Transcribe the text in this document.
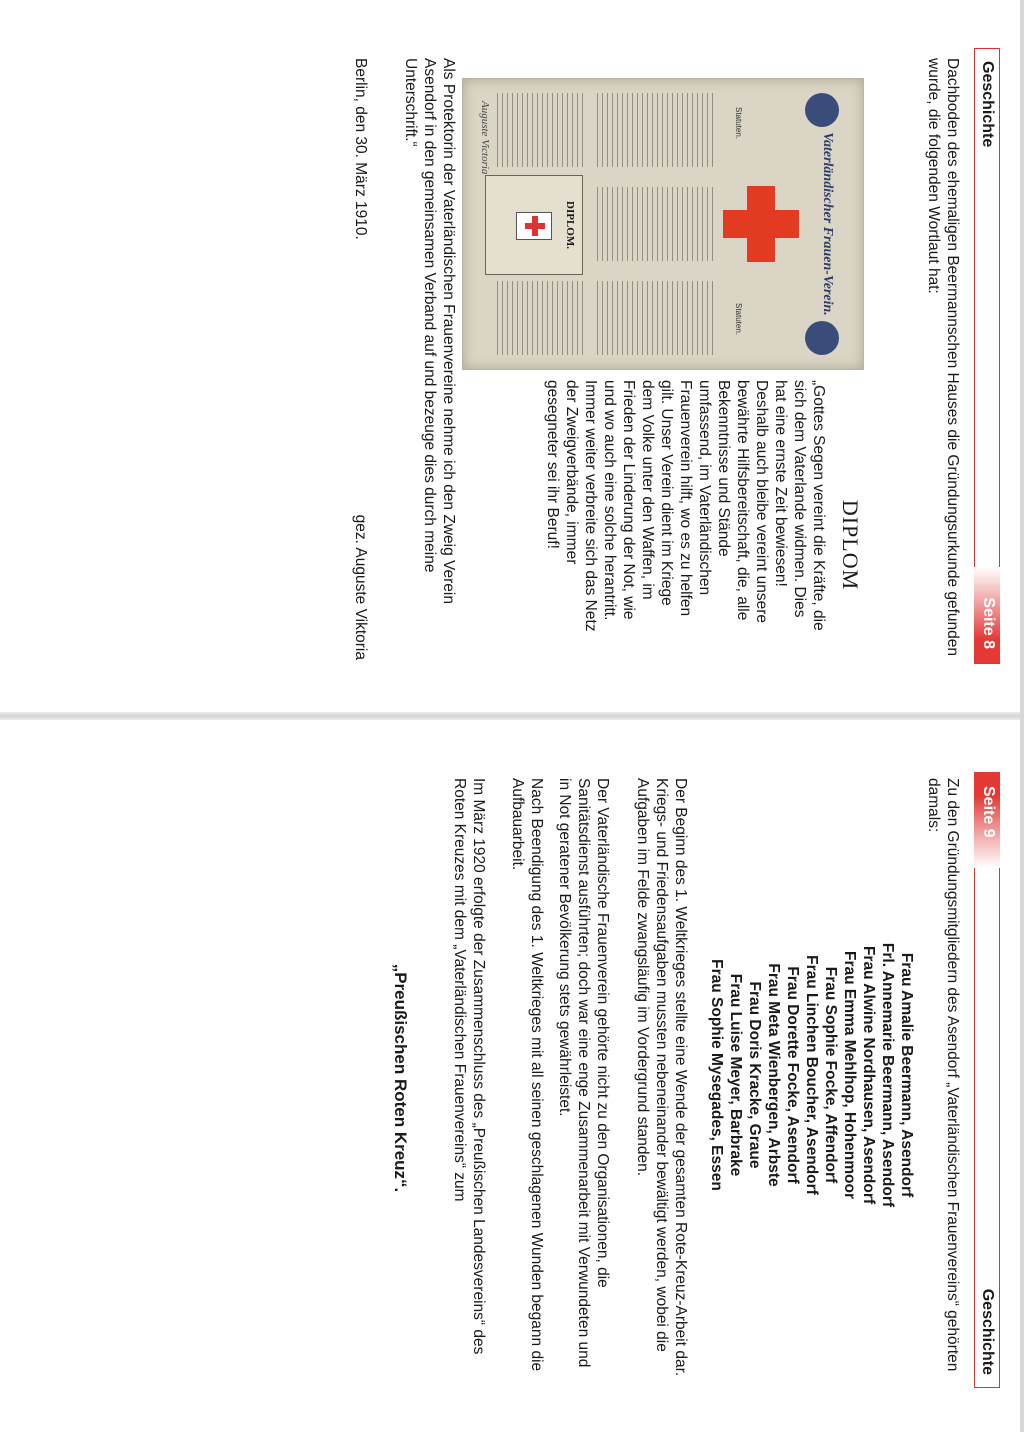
Geschichte
Seite 8
Dachboden des ehemaligen Beermannschen Hauses die Gründungsurkunde gefunden wurde, die folgenden Wortlaut hat:
Vaterländischer Frauen-Verein.
Statuten.
Statuten.
DIPLOM.
Auguste Victoria
DIPLOM
„Gottes Segen vereint die Kräfte, die sich dem Vaterlande widmen. Dies hat eine ernste Zeit bewiesen! Deshalb auch bleibe vereint unsere bewährte Hilfsbereitschaft, die, alle Bekenntnisse und Stände umfassend, im Vaterländischen Frauenverein hilft, wo es zu helfen gilt. Unser Verein dient im Kriege dem Volke unter den Waffen, im Frieden der Linderung der Not, wie und wo auch eine solche herantritt. Immer weiter verbreite sich das Netz der Zweigverbände, immer gesegneter sei ihr Beruf!
Als Protektorin der Vaterländischen Frauenvereine nehme ich den Zweig Verein Asendorf in den gemeinsamen Verband auf und bezeuge dies durch meine Unterschrift.“
Berlin, den 30. März 1910.
gez. Auguste Viktoria
Seite 9
Geschichte
Zu den Gründungsmitgliedern des Asendorf „Vaterländischen Frauenvereins“ gehörten damals:
Frau Amalie Beermann, Asendorf
Frl. Annemarie Beermann, Asendorf
Frau Alwine Nordhausen, Asendorf
Frau Emma Mehlhop, Hohenmoor
Frau Sophie Focke, Affendorf
Frau Linchen Boucher, Asendorf
Frau Dorette Focke, Asendorf
Frau Meta Wienbergen, Arbste
Frau Doris Kracke, Graue
Frau Luise Meyer, Barbrake
Frau Sophie Mysegades, Essen
Der Beginn des 1. Weltkrieges stellte eine Wende der gesamten Rote-Kreuz-Arbeit dar. Kriegs- und Friedensaufgaben mussten nebeneinander bewältigt werden, wobei die Aufgaben im Felde zwangsläufig im Vordergrund standen.
Der Vaterländische Frauenverein gehörte nicht zu den Organisationen, die Sanitätsdienst ausführten; doch war eine enge Zusammenarbeit mit Verwundeten und in Not geratener Bevölkerung stets gewährleistet.
Nach Beendigung des 1. Weltkrieges mit all seinen geschlagenen Wunden begann die Aufbauarbeit.
Im März 1920 erfolgte der Zusammenschluss des „Preußischen Landesvereins“ des Roten Kreuzes mit dem „Vaterländischen Frauenvereins“ zum
„Preußischen Roten Kreuz“.
